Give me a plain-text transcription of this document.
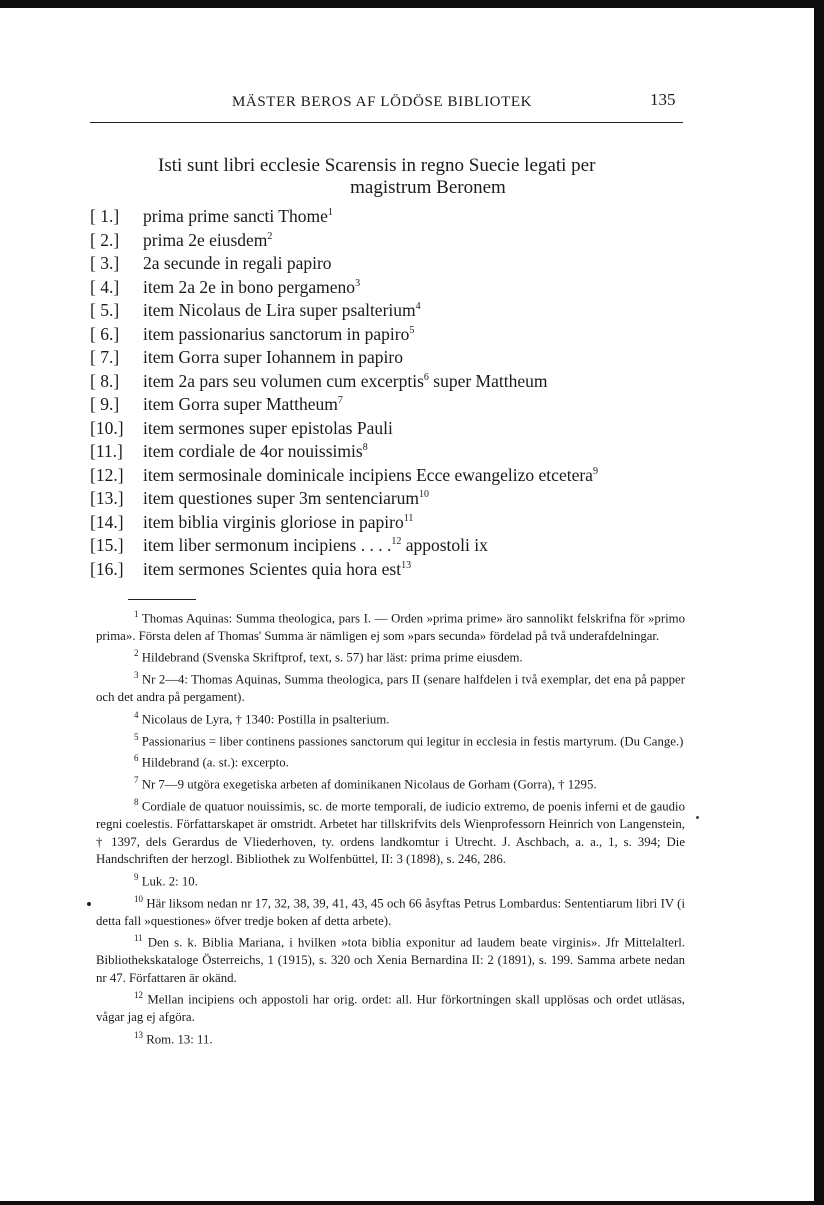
MÄSTER BEROS AF LÖDÖSE BIBLIOTEK	135
Isti sunt libri ecclesie Scarensis in regno Suecie legati per
magistrum Beronem
[ 1.]	prima prime sancti Thome$^1$
[ 2.]	prima 2e eiusdem$^2$
[ 3.]	2a secunde in regali papiro
[ 4.]	item 2a 2e in bono pergameno$^3$
[ 5.]	item Nicolaus de Lira super psalterium$^4$
[ 6.]	item passionarius sanctorum in papiro$^5$
[ 7.]	item Gorra super Iohannem in papiro
[ 8.]	item 2a pars seu volumen cum excerptis$^6$ super Mattheum
[ 9.]	item Gorra super Mattheum$^7$
[10.]	item sermones super epistolas Pauli
[11.]	item cordiale de 4or nouissimis$^8$
[12.]	item sermosinale dominicale incipiens Ecce ewangelizo etcetera$^9$
[13.]	item questiones super 3m sentenciarum$^{10}$
[14.]	item biblia virginis gloriose in papiro$^{11}$
[15.]	item liber sermonum incipiens . . . .$^{12}$ appostoli ix
[16.]	item sermones Scientes quia hora est$^{13}$

$^1$ Thomas Aquinas: Summa theologica, pars I. — Orden »prima prime» äro sannolikt felskrifna för »primo prima». Första delen af Thomas' Summa är nämligen ej som »pars secunda» fördelad på två underafdelningar.

$^2$ Hildebrand (Svenska Skriftprof, text, s. 57) har läst: prima prime eiusdem.

$^3$ Nr 2—4: Thomas Aquinas, Summa theologica, pars II (senare halfdelen i två exemplar, det ena på papper och det andra på pergament).

$^4$ Nicolaus de Lyra, † 1340: Postilla in psalterium.

$^5$ Passionarius = liber continens passiones sanctorum qui legitur in ecclesia in festis martyrum. (Du Cange.)

$^6$ Hildebrand (a. st.): excerpto.

$^7$ Nr 7—9 utgöra exegetiska arbeten af dominikanen Nicolaus de Gorham (Gorra), † 1295.

$^8$ Cordiale de quatuor nouissimis, sc. de morte temporali, de iudicio extremo, de poenis inferni et de gaudio regni coelestis. Författarskapet är omstridt. Arbetet har tillskrifvits dels Wienprofessorn Heinrich von Langenstein, † 1397, dels Gerardus de Vliederhoven, ty. ordens landkomtur i Utrecht. J. Aschbach, a. a., 1, s. 394; Die Handschriften der herzogl. Bibliothek zu Wolfenbüttel, II: 3 (1898), s. 246, 286.

$^9$ Luk. 2: 10.

$^{10}$ Här liksom nedan nr 17, 32, 38, 39, 41, 43, 45 och 66 åsyftas Petrus Lombardus: Sententiarum libri IV (i detta fall »questiones» öfver tredje boken af detta arbete).

$^{11}$ Den s. k. Biblia Mariana, i hvilken »tota biblia exponitur ad laudem beate virginis». Jfr Mittelalterl. Bibliothekskataloge Österreichs, 1 (1915), s. 320 och Xenia Bernardina II: 2 (1891), s. 199. Samma arbete nedan nr 47. Författaren är okänd.

$^{12}$ Mellan incipiens och appostoli har orig. ordet: all. Hur förkortningen skall upplösas och ordet utläsas, vågar jag ej afgöra.

$^{13}$ Rom. 13: 11.
